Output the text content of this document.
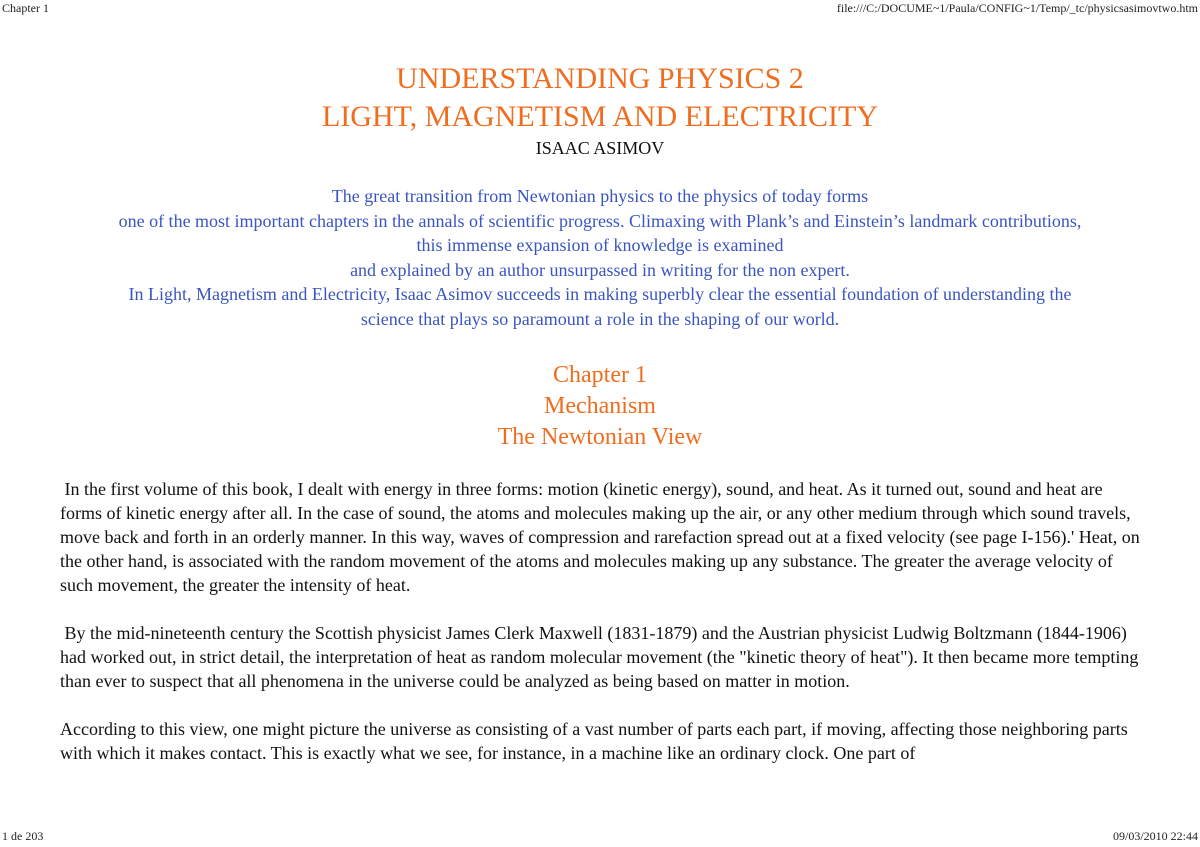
Chapter 1	file:///C:/DOCUME~1/Paula/CONFIG~1/Temp/_tc/physicsasimovtwo.htm
UNDERSTANDING PHYSICS 2
LIGHT, MAGNETISM AND ELECTRICITY
ISAAC ASIMOV
The great transition from Newtonian physics to the physics of today forms
one of the most important chapters in the annals of scientific progress. Climaxing with Plank’s and Einstein’s landmark contributions,
this immense expansion of knowledge is examined
and explained by an author unsurpassed in writing for the non expert.
In Light, Magnetism and Electricity, Isaac Asimov succeeds in making superbly clear the essential foundation of understanding the
science that plays so paramount a role in the shaping of our world.
Chapter 1
Mechanism
The Newtonian View

In the first volume of this book, I dealt with energy in three forms: motion (kinetic energy), sound, and heat. As it turned out, sound and heat are forms of kinetic energy after all. In the case of sound, the atoms and molecules making up the air, or any other medium through which sound travels, move back and forth in an orderly manner. In this way, waves of compression and rarefaction spread out at a fixed velocity (see page I-156).' Heat, on the other hand, is associated with the random movement of the atoms and molecules making up any substance. The greater the average velocity of such movement, the greater the intensity of heat.

By the mid-nineteenth century the Scottish physicist James Clerk Maxwell (1831-1879) and the Austrian physicist Ludwig Boltzmann (1844-1906) had worked out, in strict detail, the interpretation of heat as random molecular movement (the "kinetic theory of heat"). It then became more tempting than ever to suspect that all phenomena in the universe could be analyzed as being based on matter in motion.

According to this view, one might picture the universe as consisting of a vast number of parts each part, if moving, affecting those neighboring parts with which it makes contact. This is exactly what we see, for instance, in a machine like an ordinary clock. One part of

1 de 203	09/03/2010 22:44
